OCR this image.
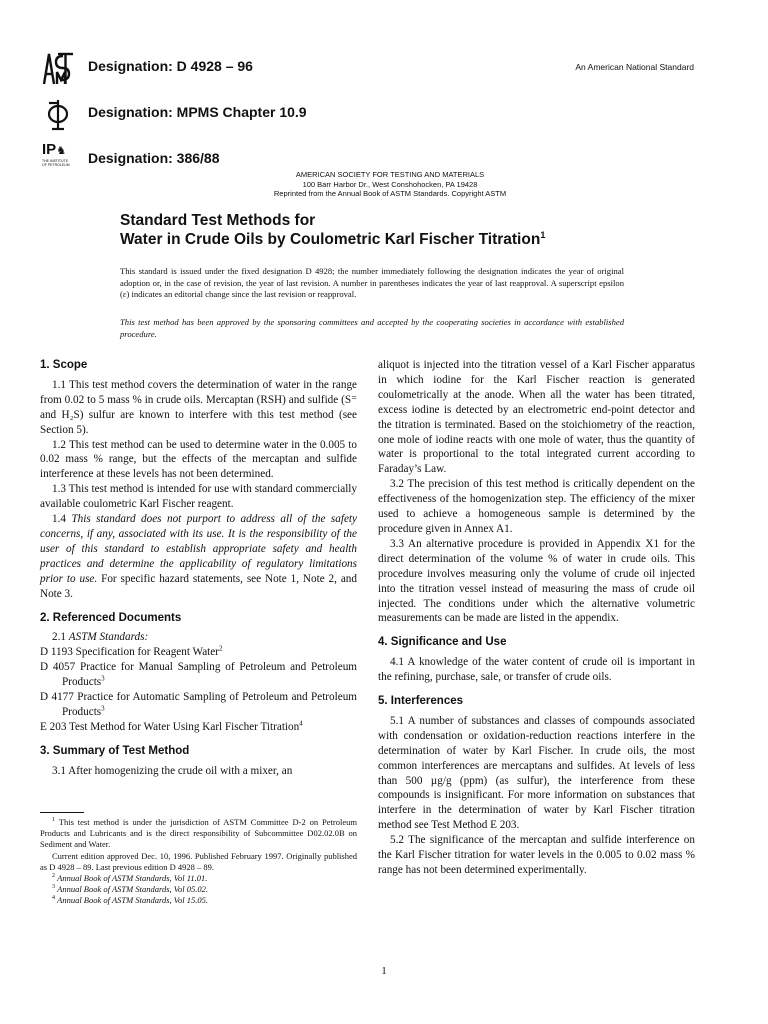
IP♞
THE INSTITUTE OF PETROLEUM
Designation: D 4928 – 96
Designation: MPMS Chapter 10.9
Designation: 386/88
An American National Standard
AMERICAN SOCIETY FOR TESTING AND MATERIALS
100 Barr Harbor Dr., West Conshohocken, PA 19428
Reprinted from the Annual Book of ASTM Standards. Copyright ASTM
Standard Test Methods for
Water in Crude Oils by Coulometric Karl Fischer Titration$^1$
This standard is issued under the fixed designation D 4928; the number immediately following the designation indicates the year of original adoption or, in the case of revision, the year of last revision. A number in parentheses indicates the year of last reapproval. A superscript epsilon (ε) indicates an editorial change since the last revision or reapproval.
This test method has been approved by the sponsoring committees and accepted by the cooperating societies in accordance with established procedure.
1. Scope

1.1 This test method covers the determination of water in the range from 0.02 to 5 mass % in crude oils. Mercaptan (RSH) and sulfide (S⁼ and H₂S) sulfur are known to interfere with this test method (see Section 5).

1.2 This test method can be used to determine water in the 0.005 to 0.02 mass % range, but the effects of the mercaptan and sulfide interference at these levels has not been determined.

1.3 This test method is intended for use with standard commercially available coulometric Karl Fischer reagent.

1.4 This standard does not purport to address all of the safety concerns, if any, associated with its use. It is the responsibility of the user of this standard to establish appropriate safety and health practices and determine the applicability of regulatory limitations prior to use. For specific hazard statements, see Note 1, Note 2, and Note 3.

2. Referenced Documents

2.1 ASTM Standards:

D 1193 Specification for Reagent Water$^2$

D 4057 Practice for Manual Sampling of Petroleum and Petroleum Products$^3$

D 4177 Practice for Automatic Sampling of Petroleum and Petroleum Products$^3$

E 203 Test Method for Water Using Karl Fischer Titration$^4$

3. Summary of Test Method

3.1 After homogenizing the crude oil with a mixer, an

$^1$ This test method is under the jurisdiction of ASTM Committee D-2 on Petroleum Products and Lubricants and is the direct responsibility of Subcommittee D02.02.0B on Sediment and Water.

Current edition approved Dec. 10, 1996. Published February 1997. Originally published as D 4928 – 89. Last previous edition D 4928 – 89.

$^2$ Annual Book of ASTM Standards, Vol 11.01.

$^3$ Annual Book of ASTM Standards, Vol 05.02.

$^4$ Annual Book of ASTM Standards, Vol 15.05.

aliquot is injected into the titration vessel of a Karl Fischer apparatus in which iodine for the Karl Fischer reaction is generated coulometrically at the anode. When all the water has been titrated, excess iodine is detected by an electrometric end-point detector and the titration is terminated. Based on the stoichiometry of the reaction, one mole of iodine reacts with one mole of water, thus the quantity of water is proportional to the total integrated current according to Faraday’s Law.

3.2 The precision of this test method is critically dependent on the effectiveness of the homogenization step. The efficiency of the mixer used to achieve a homogeneous sample is determined by the procedure given in Annex A1.

3.3 An alternative procedure is provided in Appendix X1 for the direct determination of the volume % of water in crude oils. This procedure involves measuring only the volume of crude oil injected into the titration vessel instead of measuring the mass of crude oil injected. The conditions under which the alternative volumetric measurements can be made are listed in the appendix.

4. Significance and Use

4.1 A knowledge of the water content of crude oil is important in the refining, purchase, sale, or transfer of crude oils.

5. Interferences

5.1 A number of substances and classes of compounds associated with condensation or oxidation-reduction reactions interfere in the determination of water by Karl Fischer. In crude oils, the most common interferences are mercaptans and sulfides. At levels of less than 500 µg/g (ppm) (as sulfur), the interference from these compounds is insignificant. For more information on substances that interfere in the determination of water by Karl Fischer titration method see Test Method E 203.

5.2 The significance of the mercaptan and sulfide interference on the Karl Fischer titration for water levels in the 0.005 to 0.02 mass % range has not been determined experimentally.

1
